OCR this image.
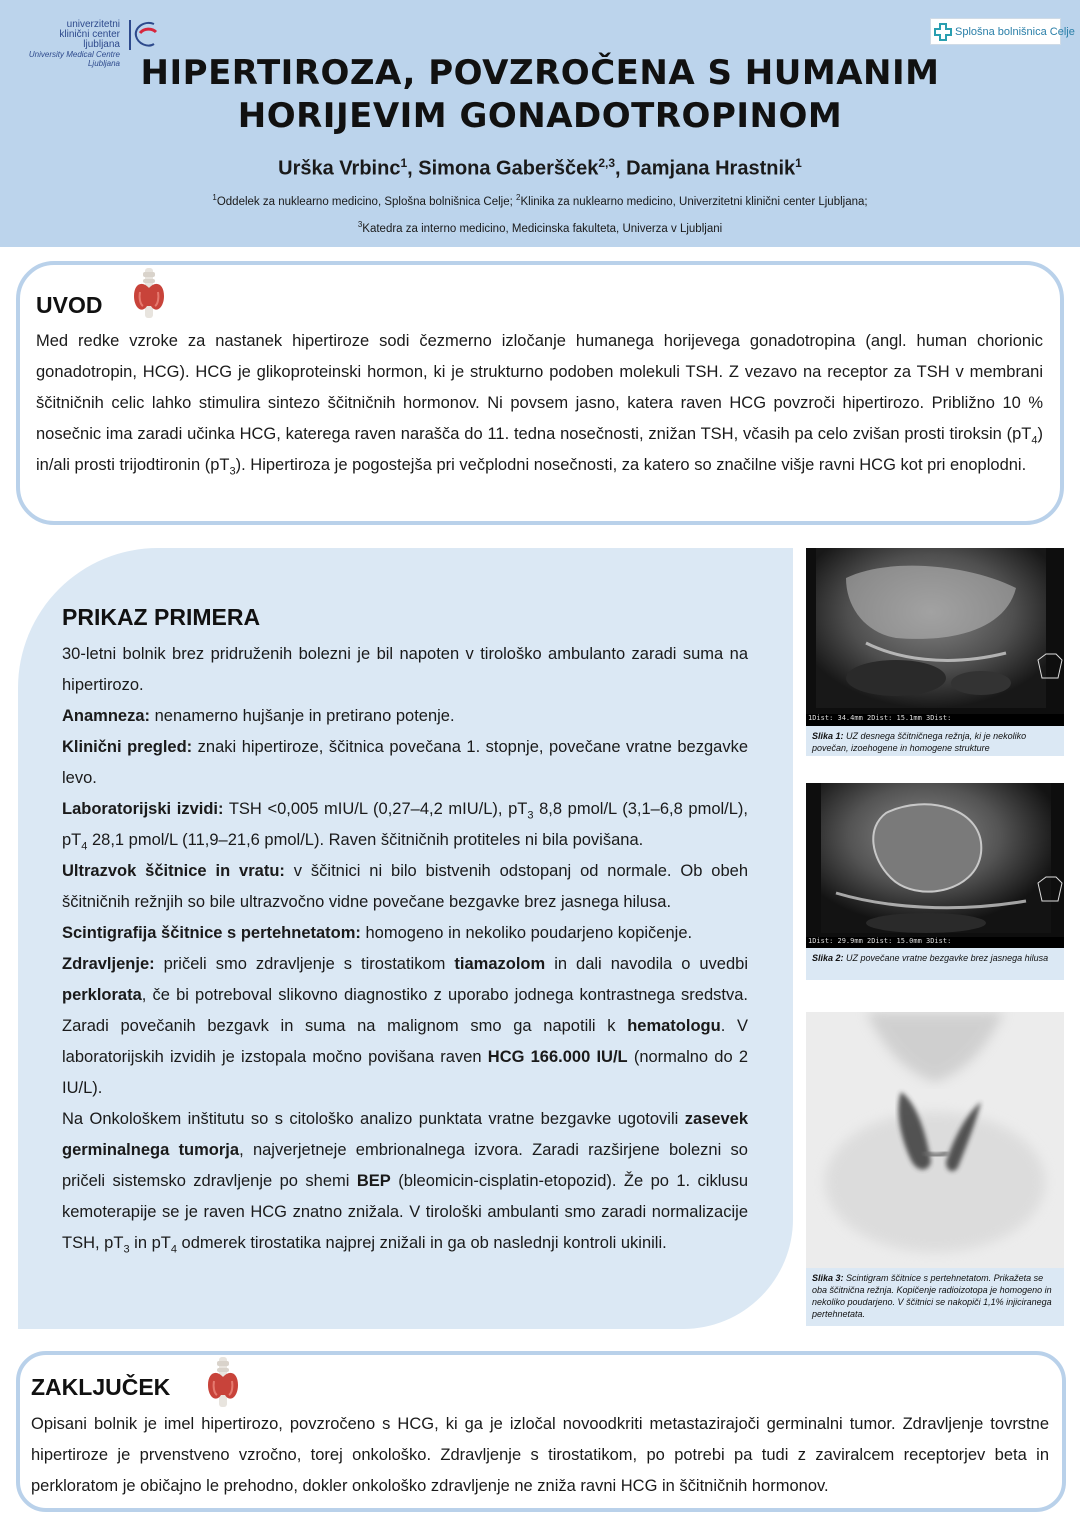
univerzitetni
klinični center ljubljana
University Medical Centre Ljubljana
Splošna bolnišnica Celje
HIPERTIROZA, POVZROČENA S HUMANIM
HORIJEVIM GONADOTROPINOM
Urška Vrbinc$^1$, Simona Gaberšček$^{2,3}$, Damjana Hrastnik$^1$
$^1$Oddelek za nuklearno medicino, Splošna bolnišnica Celje; $^2$Klinika za nuklearno medicino, Univerzitetni klinični center Ljubljana;
$^3$Katedra za interno medicino, Medicinska fakulteta, Univerza v Ljubljani
UVOD
Med redke vzroke za nastanek hipertiroze sodi čezmerno izločanje humanega horijevega gonadotropina (angl. human chorionic gonadotropin, HCG). HCG je glikoproteinski hormon, ki je strukturno podoben molekuli TSH. Z vezavo na receptor za TSH v membrani ščitničnih celic lahko stimulira sintezo ščitničnih hormonov. Ni povsem jasno, katera raven HCG povzroči hipertirozo. Približno 10 % nosečnic ima zaradi učinka HCG, katerega raven narašča do 11. tedna nosečnosti, znižan TSH, včasih pa celo zvišan prosti tiroksin $(pT_4)$ in/ali prosti trijodtironin $(pT_3)$. Hipertiroza je pogostejša pri večplodni nosečnosti, za katero so značilne višje ravni HCG kot pri enoplodni.
PRIKAZ PRIMERA

30-letni bolnik brez pridruženih bolezni je bil napoten v tirološko ambulanto zaradi suma na hipertirozo.

Anamneza: nenamerno hujšanje in pretirano potenje.

Klinični pregled: znaki hipertiroze, ščitnica povečana 1. stopnje, povečane vratne bezgavke levo.

Laboratorijski izvidi: TSH <0,005 mIU/L (0,27–4,2 mIU/L), $pT_3$ 8,8 pmol/L (3,1–6,8 pmol/L), $pT_4$ 28,1 pmol/L (11,9–21,6 pmol/L). Raven ščitničnih protiteles ni bila povišana.

Ultrazvok ščitnice in vratu: v ščitnici ni bilo bistvenih odstopanj od normale. Ob obeh ščitničnih režnjih so bile ultrazvočno vidne povečane bezgavke brez jasnega hilusa.

Scintigrafija ščitnice s pertehnetatom: homogeno in nekoliko poudarjeno kopičenje.

Zdravljenje: pričeli smo zdravljenje s tirostatikom tiamazolom in dali navodila o uvedbi perklorata, če bi potreboval slikovno diagnostiko z uporabo jodnega kontrastnega sredstva. Zaradi povečanih bezgavk in suma na malignom smo ga napotili k hematologu. V laboratorijskih izvidih je izstopala močno povišana raven HCG 166.000 IU/L (normalno do 2 IU/L).

Na Onkološkem inštitutu so s citološko analizo punktata vratne bezgavke ugotovili zasevek germinalnega tumorja, najverjetneje embrionalnega izvora. Zaradi razširjene bolezni so pričeli sistemsko zdravljenje po shemi BEP (bleomicin-cisplatin-etopozid). Že po 1. ciklusu kemoterapije se je raven HCG znatno znižala. V tirološki ambulanti smo zaradi normalizacije TSH, $pT_3$ in $pT_4$ odmerek tirostatika najprej znižali in ga ob naslednji kontroli ukinili.

1Dist: 34.4mm 2Dist: 15.1mm 3Dist:
Slika 1: UZ desnega ščitničnega režnja, ki je nekoliko povečan, izoehogene in homogene strukture
1Dist: 29.9mm 2Dist: 15.0mm 3Dist:
Slika 2: UZ povečane vratne bezgavke brez jasnega hilusa
Slika 3: Scintigram ščitnice s pertehnetatom. Prikažeta se oba ščitnična režnja. Kopičenje radioizotopa je homogeno in nekoliko poudarjeno. V ščitnici se nakopiči 1,1% injiciranega pertehnetata.
ZAKLJUČEK
Opisani bolnik je imel hipertirozo, povzročeno s HCG, ki ga je izločal novoodkriti metastazirajoči germinalni tumor. Zdravljenje tovrstne hipertiroze je prvenstveno vzročno, torej onkološko. Zdravljenje s tirostatikom, po potrebi pa tudi z zaviralcem receptorjev beta in perkloratom je običajno le prehodno, dokler onkološko zdravljenje ne zniža ravni HCG in ščitničnih hormonov.
